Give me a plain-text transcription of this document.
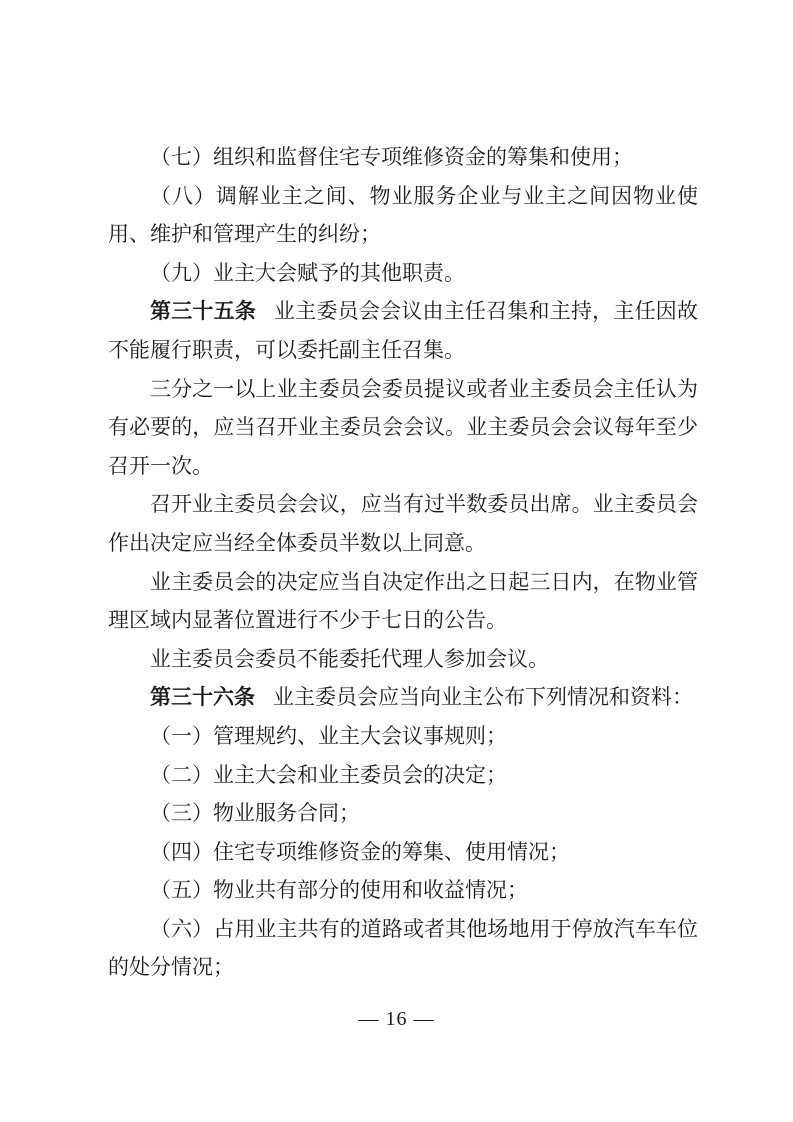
（七）组织和监督住宅专项维修资金的筹集和使用；

（八）调解业主之间、物业服务企业与业主之间因物业使用、维护和管理产生的纠纷；

（九）业主大会赋予的其他职责。

第三十五条 业主委员会会议由主任召集和主持，主任因故不能履行职责，可以委托副主任召集。

三分之一以上业主委员会委员提议或者业主委员会主任认为有必要的，应当召开业主委员会会议。业主委员会会议每年至少召开一次。

召开业主委员会会议，应当有过半数委员出席。业主委员会作出决定应当经全体委员半数以上同意。

业主委员会的决定应当自决定作出之日起三日内，在物业管理区域内显著位置进行不少于七日的公告。

业主委员会委员不能委托代理人参加会议。

第三十六条 业主委员会应当向业主公布下列情况和资料：

（一）管理规约、业主大会议事规则；

（二）业主大会和业主委员会的决定；

（三）物业服务合同；

（四）住宅专项维修资金的筹集、使用情况；

（五）物业共有部分的使用和收益情况；

（六）占用业主共有的道路或者其他场地用于停放汽车车位的处分情况；

— 16 —
